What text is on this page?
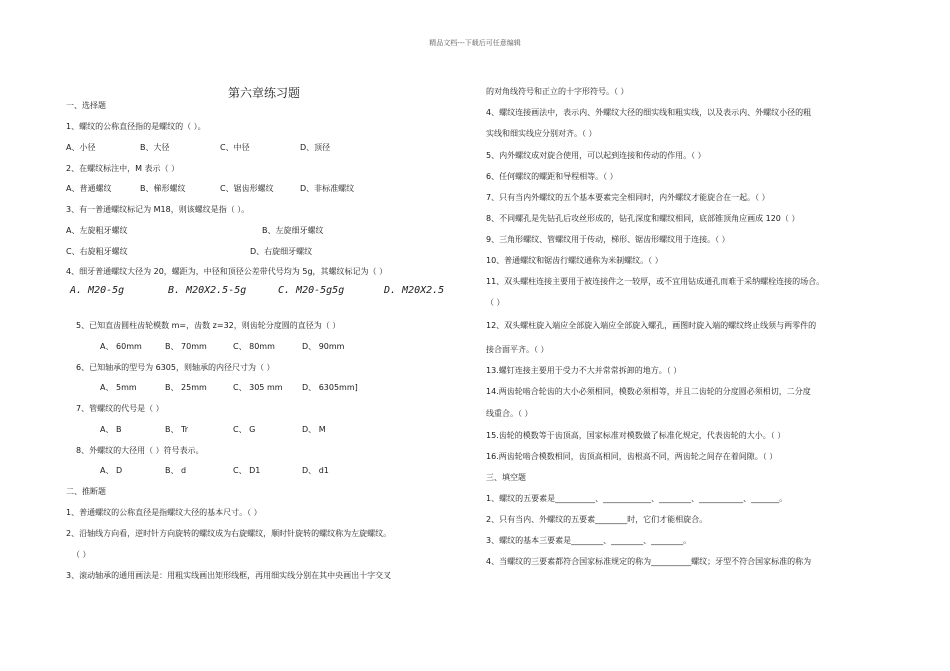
精品文档---下载后可任意编辑
第六章练习题
一、选择题
1、螺纹的公称直径指的是螺纹的（ ）。
A、小径	B、大径	C、中径	D、顶径
2、在螺纹标注中，M 表示（ ）
A、普通螺纹	B、梯形螺纹	C、锯齿形螺纹	D、非标准螺纹
3、有一普通螺纹标记为 M18，则该螺纹是指（ ）。
A、左旋粗牙螺纹	B、左旋细牙螺纹
C、右旋粗牙螺纹	D、右旋细牙螺纹
4、细牙普通螺纹大径为 20，螺距为，中径和顶径公差带代号均为 5g，其螺纹标记为（ ）
A. M20-5g	B. M20X2.5-5g	C. M20-5g5g	D. M20X2.5
5、已知直齿圆柱齿轮模数 m=，齿数 z=32，则齿轮分度圆的直径为（ ）
A、 60mm	B、 70mm	C、 80mm	D、 90mm
6、已知轴承的型号为 6305，则轴承的内径尺寸为（ ）
A、 5mm	B、 25mm	C、 305 mm D、 6305mm]
7、管螺纹的代号是（ ）
A、 B	B、 Tr	C、 G	D、 M
8、外螺纹的大径用（ ）符号表示。
A、 D	B、 d	C、 D1	D、 d1
二、推断题
1、普通螺纹的公称直径是指螺纹大径的基本尺寸。（ ）
2、沿轴线方向看，逆时针方向旋转的螺纹成为右旋螺纹，顺时针旋转的螺纹称为左旋螺纹。
（ ）
3、滚动轴承的通用画法是：用粗实线画出矩形线框，再用细实线分别在其中央画出十字交叉
的对角线符号和正立的十字形符号。（ ）
4、螺纹连接画法中，表示内、外螺纹大径的细实线和粗实线，以及表示内、外螺纹小径的粗
实线和细实线应分别对齐。（ ）
5、内外螺纹成对旋合使用，可以起到连接和传动的作用。（ ）
6、任何螺纹的螺距和导程相等。（ ）
7、只有当内外螺纹的五个基本要素完全相同时，内外螺纹才能旋合在一起。（ ）
8、不同螺孔是先钻孔后攻丝形成的，钻孔深度和螺纹相同，底部锥顶角应画成 120（ ）
9、三角形螺纹、管螺纹用于传动，梯形、锯齿形螺纹用于连接。（ ）
10、普通螺纹和锯齿行螺纹通称为米制螺纹。（ ）
11、双头螺柱连接主要用于被连接件之一较厚，或不宜用钻成通孔而难于采纳螺栓连接的场合。
（ ）
12、双头螺柱旋入端应全部旋入端应全部旋入螺孔，画图时旋入端的螺纹终止线须与两零件的
接合面平齐。（ ）
13.螺钉连接主要用于受力不大并常常拆卸的地方。（ ）
14.两齿轮啮合轮齿的大小必须相同，模数必须相等，并且二齿轮的分度圆必须相切，二分度
线重合。（ ）
15.齿轮的模数等于齿顶高，国家标准对模数做了标准化规定，代表齿轮的大小。（ ）
16.两齿轮啮合模数相同，齿顶高相同，齿根高不同，两齿轮之间存在着间隙。（ ）
三、填空题
1、螺纹的五要素是__________、____________、________、___________、_______。
2、只有当内、外螺纹的五要素________时，它们才能相旋合。
3、螺纹的基本三要素是________、________、________。
4、当螺纹的三要素都符合国家标准规定的称为__________螺纹；牙型不符合国家标准的称为
